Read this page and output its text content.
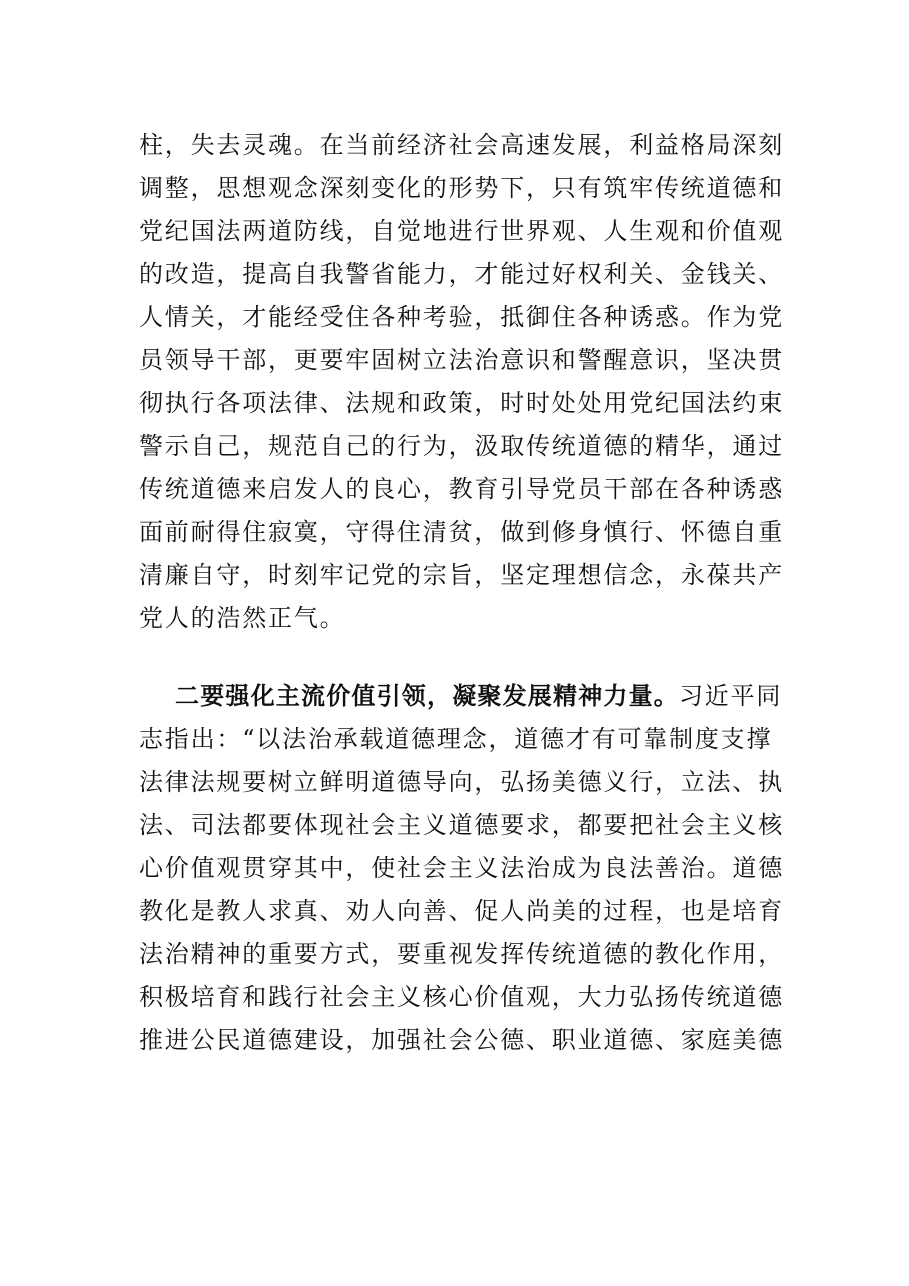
柱，失去灵魂。在当前经济社会高速发展，利益格局深刻
调整，思想观念深刻变化的形势下，只有筑牢传统道德和
党纪国法两道防线，自觉地进行世界观、人生观和价值观
的改造，提高自我警省能力，才能过好权利关、金钱关、
人情关，才能经受住各种考验，抵御住各种诱惑。作为党
员领导干部，更要牢固树立法治意识和警醒意识，坚决贯
彻执行各项法律、法规和政策，时时处处用党纪国法约束
警示自己，规范自己的行为，汲取传统道德的精华，通过
传统道德来启发人的良心，教育引导党员干部在各种诱惑
面前耐得住寂寞，守得住清贫，做到修身慎行、怀德自重
清廉自守，时刻牢记党的宗旨，坚定理想信念，永葆共产
党人的浩然正气。
二要强化主流价值引领，凝聚发展精神力量。习近平同
志指出：“以法治承载道德理念，道德才有可靠制度支撑
法律法规要树立鲜明道德导向，弘扬美德义行，立法、执
法、司法都要体现社会主义道德要求，都要把社会主义核
心价值观贯穿其中，使社会主义法治成为良法善治。道德
教化是教人求真、劝人向善、促人尚美的过程，也是培育
法治精神的重要方式，要重视发挥传统道德的教化作用，
积极培育和践行社会主义核心价值观，大力弘扬传统道德
推进公民道德建设，加强社会公德、职业道德、家庭美德
